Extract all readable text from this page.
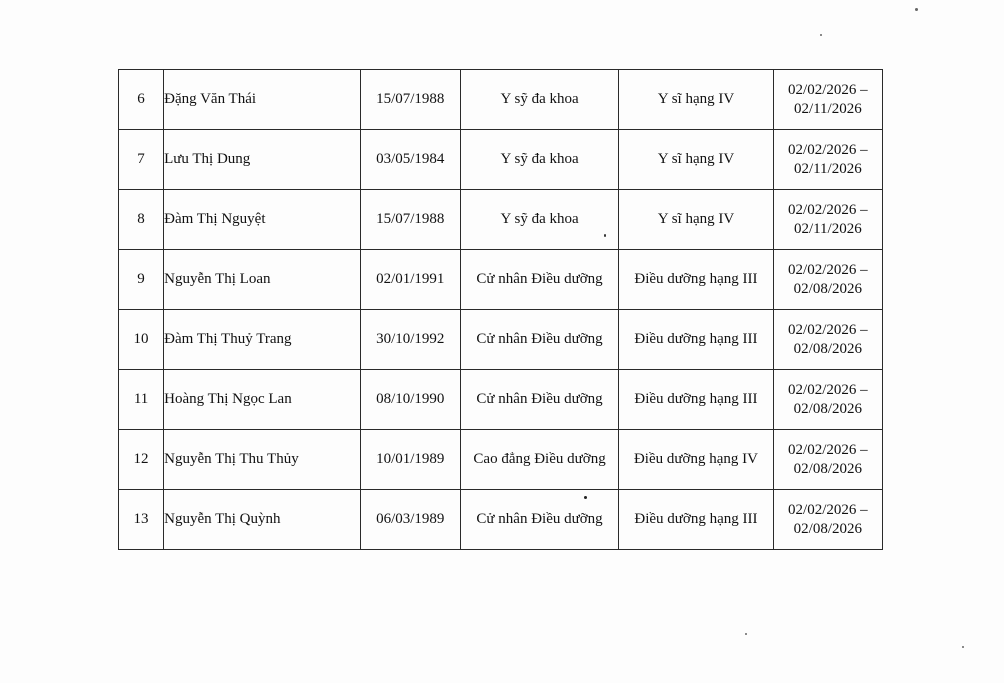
6	Đặng Văn Thái	15/07/1988	Y sỹ đa khoa	Y sĩ hạng IV	02/02/2026 –
02/11/2026

7	Lưu Thị Dung	03/05/1984	Y sỹ đa khoa	Y sĩ hạng IV	02/02/2026 –
02/11/2026

8	Đàm Thị Nguyệt	15/07/1988	Y sỹ đa khoa	Y sĩ hạng IV	02/02/2026 –
02/11/2026

9	Nguyễn Thị Loan	02/01/1991	Cử nhân Điều dưỡng	Điều dưỡng hạng III	02/02/2026 –
02/08/2026

10	Đàm Thị Thuỷ Trang	30/10/1992	Cử nhân Điều dưỡng	Điều dưỡng hạng III	02/02/2026 –
02/08/2026

11	Hoàng Thị Ngọc Lan	08/10/1990	Cử nhân Điều dưỡng	Điều dưỡng hạng III	02/02/2026 –
02/08/2026

12	Nguyễn Thị Thu Thủy	10/01/1989	Cao đẳng Điều dưỡng	Điều dưỡng hạng IV	02/02/2026 –
02/08/2026

13	Nguyễn Thị Quỳnh	06/03/1989	Cử nhân Điều dưỡng	Điều dưỡng hạng III	02/02/2026 –
02/08/2026
